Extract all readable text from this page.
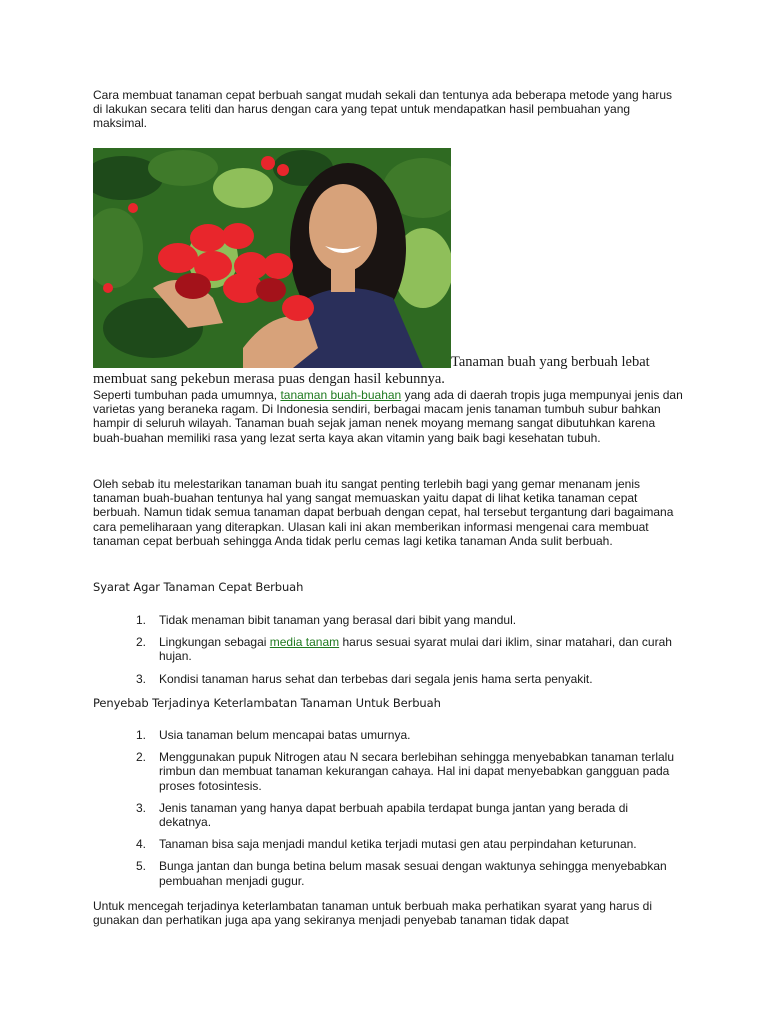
Cara membuat tanaman cepat berbuah sangat mudah sekali dan tentunya ada beberapa metode yang harus di lakukan secara teliti dan harus dengan cara yang tepat untuk mendapatkan hasil pembuahan yang maksimal.

Tanaman buah yang berbuah lebat
membuat sang pekebun merasa puas dengan hasil kebunnya.

Seperti tumbuhan pada umumnya, tanaman buah-buahan yang ada di daerah tropis juga mempunyai jenis dan varietas yang beraneka ragam. Di Indonesia sendiri, berbagai macam jenis tanaman tumbuh subur bahkan hampir di seluruh wilayah. Tanaman buah sejak jaman nenek moyang memang sangat dibutuhkan karena buah-buahan memiliki rasa yang lezat serta kaya akan vitamin yang baik bagi kesehatan tubuh.

Oleh sebab itu melestarikan tanaman buah itu sangat penting terlebih bagi yang gemar menanam jenis tanaman buah-buahan tentunya hal yang sangat memuaskan yaitu dapat di lihat ketika tanaman cepat berbuah. Namun tidak semua tanaman dapat berbuah dengan cepat, hal tersebut tergantung dari bagaimana cara pemeliharaan yang diterapkan. Ulasan kali ini akan memberikan informasi mengenai cara membuat tanaman cepat berbuah sehingga Anda tidak perlu cemas lagi ketika tanaman Anda sulit berbuah.

Syarat Agar Tanaman Cepat Berbuah
1. Tidak menaman bibit tanaman yang berasal dari bibit yang mandul.
2. Lingkungan sebagai media tanam harus sesuai syarat mulai dari iklim, sinar matahari, dan curah hujan.
3. Kondisi tanaman harus sehat dan terbebas dari segala jenis hama serta penyakit.
Penyebab Terjadinya Keterlambatan Tanaman Untuk Berbuah
1. Usia tanaman belum mencapai batas umurnya.
2. Menggunakan pupuk Nitrogen atau N secara berlebihan sehingga menyebabkan tanaman terlalu rimbun dan membuat tanaman kekurangan cahaya. Hal ini dapat menyebabkan gangguan pada proses fotosintesis.
3. Jenis tanaman yang hanya dapat berbuah apabila terdapat bunga jantan yang berada di dekatnya.
4. Tanaman bisa saja menjadi mandul ketika terjadi mutasi gen atau perpindahan keturunan.
5. Bunga jantan dan bunga betina belum masak sesuai dengan waktunya sehingga menyebabkan pembuahan menjadi gugur.

Untuk mencegah terjadinya keterlambatan tanaman untuk berbuah maka perhatikan syarat yang harus di gunakan dan perhatikan juga apa yang sekiranya menjadi penyebab tanaman tidak dapat
